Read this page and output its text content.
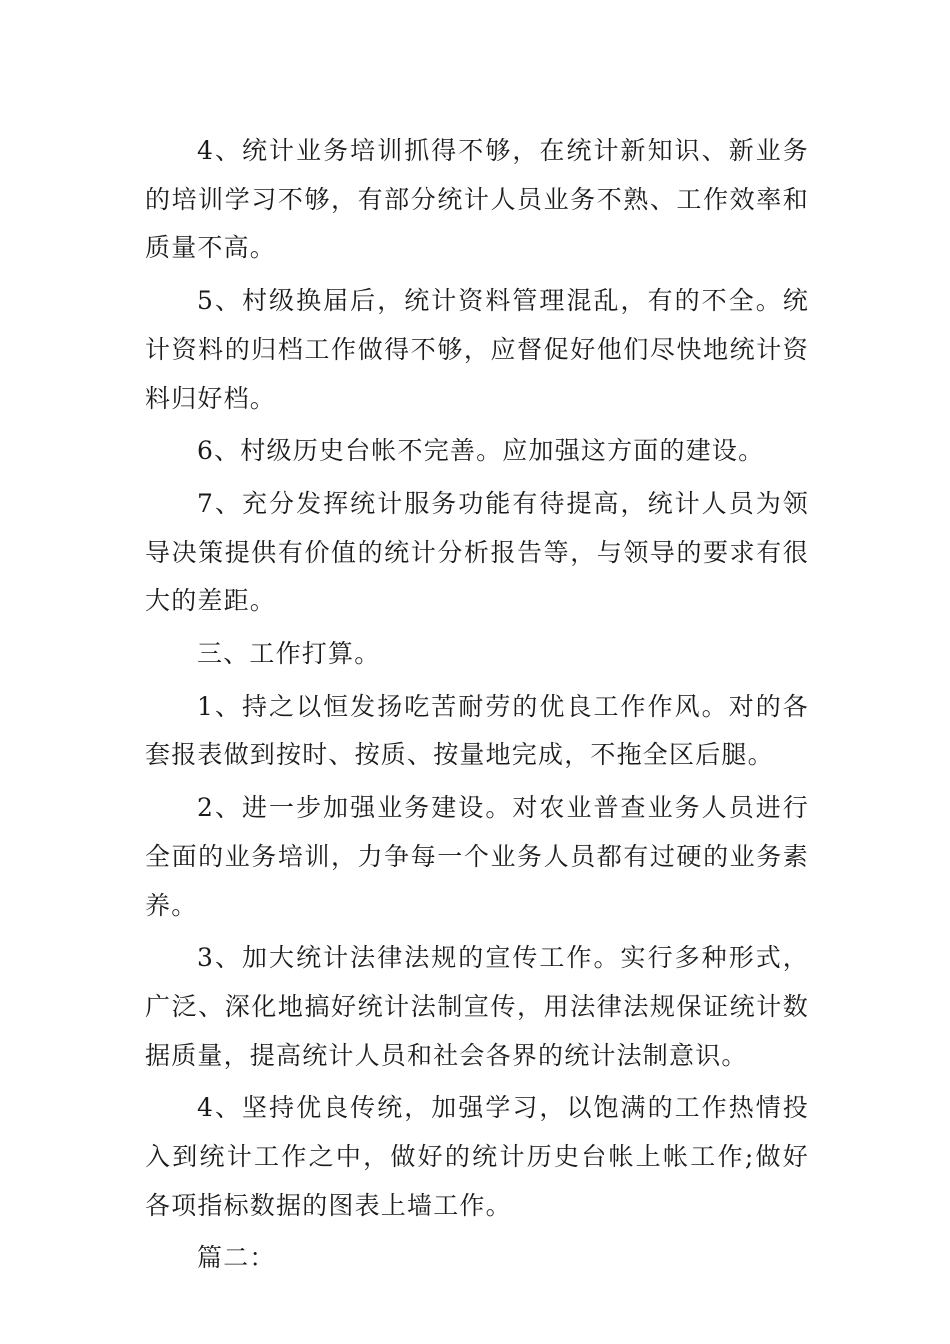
4、统计业务培训抓得不够，在统计新知识、新业务的培训学习不够，有部分统计人员业务不熟、工作效率和质量不高。

5、村级换届后，统计资料管理混乱，有的不全。统计资料的归档工作做得不够，应督促好他们尽快地统计资料归好档。

6、村级历史台帐不完善。应加强这方面的建设。

7、充分发挥统计服务功能有待提高，统计人员为领导决策提供有价值的统计分析报告等，与领导的要求有很大的差距。

三、工作打算。

1、持之以恒发扬吃苦耐劳的优良工作作风。对的各套报表做到按时、按质、按量地完成，不拖全区后腿。

2、进一步加强业务建设。对农业普查业务人员进行全面的业务培训，力争每一个业务人员都有过硬的业务素养。

3、加大统计法律法规的宣传工作。实行多种形式，广泛、深化地搞好统计法制宣传，用法律法规保证统计数据质量，提高统计人员和社会各界的统计法制意识。

4、坚持优良传统，加强学习，以饱满的工作热情投入到统计工作之中，做好的统计历史台帐上帐工作;做好各项指标数据的图表上墙工作。

篇二：
